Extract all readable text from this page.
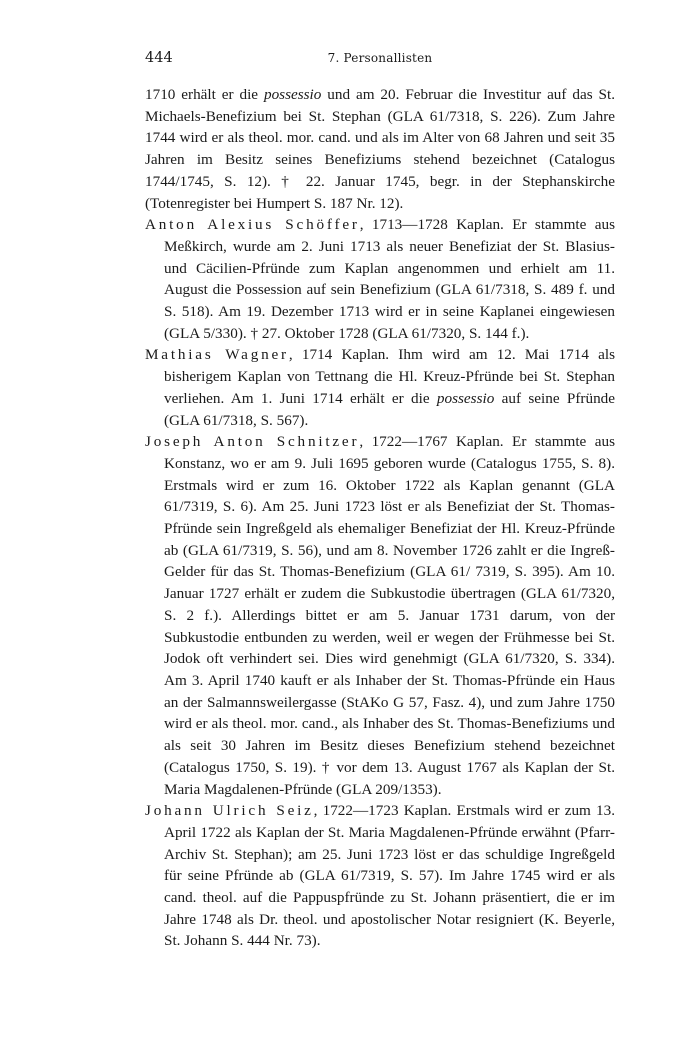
444	7. Personallisten

1710 erhält er die possessio und am 20. Februar die Investitur auf das St. Michaels-Benefizium bei St. Stephan (GLA 61/7318, S. 226). Zum Jahre 1744 wird er als theol. mor. cand. und als im Alter von 68 Jahren und seit 35 Jahren im Besitz seines Benefiziums stehend bezeichnet (Catalogus 1744/1745, S. 12). † 22. Januar 1745, begr. in der Stephanskirche (Totenregister bei Humpert S. 187 Nr. 12).

Anton Alexius Schöffer, 1713—1728 Kaplan. Er stammte aus Meßkirch, wurde am 2. Juni 1713 als neuer Benefiziat der St. Blasius- und Cäcilien-Pfründe zum Kaplan angenommen und erhielt am 11. August die Possession auf sein Benefizium (GLA 61/7318, S. 489 f. und S. 518). Am 19. Dezember 1713 wird er in seine Kaplanei eingewiesen (GLA 5/330). † 27. Oktober 1728 (GLA 61/7320, S. 144 f.).

Mathias Wagner, 1714 Kaplan. Ihm wird am 12. Mai 1714 als bisherigem Kaplan von Tettnang die Hl. Kreuz-Pfründe bei St. Stephan verliehen. Am 1. Juni 1714 erhält er die possessio auf seine Pfründe (GLA 61/7318, S. 567).

Joseph Anton Schnitzer, 1722—1767 Kaplan. Er stammte aus Konstanz, wo er am 9. Juli 1695 geboren wurde (Catalogus 1755, S. 8). Erstmals wird er zum 16. Oktober 1722 als Kaplan genannt (GLA 61/7319, S. 6). Am 25. Juni 1723 löst er als Benefiziat der St. Thomas-Pfründe sein Ingreßgeld als ehemaliger Benefiziat der Hl. Kreuz-Pfründe ab (GLA 61/7319, S. 56), und am 8. November 1726 zahlt er die Ingreß-Gelder für das St. Thomas-Benefizium (GLA 61/ 7319, S. 395). Am 10. Januar 1727 erhält er zudem die Subkustodie übertragen (GLA 61/7320, S. 2 f.). Allerdings bittet er am 5. Januar 1731 darum, von der Subkustodie entbunden zu werden, weil er wegen der Frühmesse bei St. Jodok oft verhindert sei. Dies wird genehmigt (GLA 61/7320, S. 334). Am 3. April 1740 kauft er als Inhaber der St. Thomas-Pfründe ein Haus an der Salmannsweilergasse (StAKo G 57, Fasz. 4), und zum Jahre 1750 wird er als theol. mor. cand., als Inhaber des St. Thomas-Benefiziums und als seit 30 Jahren im Besitz dieses Benefizium stehend bezeichnet (Catalogus 1750, S. 19). † vor dem 13. August 1767 als Kaplan der St. Maria Magdalenen-Pfründe (GLA 209/1353).

Johann Ulrich Seiz, 1722—1723 Kaplan. Erstmals wird er zum 13. April 1722 als Kaplan der St. Maria Magdalenen-Pfründe erwähnt (Pfarr-Archiv St. Stephan); am 25. Juni 1723 löst er das schuldige Ingreßgeld für seine Pfründe ab (GLA 61/7319, S. 57). Im Jahre 1745 wird er als cand. theol. auf die Pappuspfründe zu St. Johann präsentiert, die er im Jahre 1748 als Dr. theol. und apostolischer Notar resigniert (K. Beyerle, St. Johann S. 444 Nr. 73).
